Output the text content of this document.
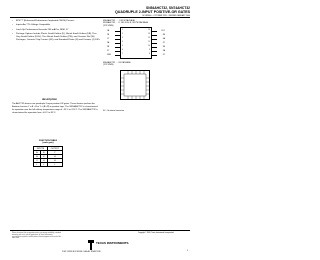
SN54AHCT32, SN74AHCT32
QUADRUPLE 2-INPUT POSITIVE-OR GATES
SCLS260G – OCTOBER 1995 – REVISED JANUARY 2000
• EPIC™ (Enhanced-Performance Implanted CMOS) Process
• Inputs Are TTL-Voltage Compatible
• Latch-Up Performance Exceeds 250 mA Per JESD 17
• Package Options Include Plastic Small-Outline (D), Shrink Small-Outline (DB), Thin Very Small-Outline (DGV), Thin Shrink Small-Outline (PW), and Ceramic Flat (W) Packages, Ceramic Chip Carriers (FK), and Standard Plastic (N) and Ceramic (J) DIPs
SN54AHCT32 . . . J OR W PACKAGE
SN74AHCT32 . . . D, DB, DGV, N, OR PW PACKAGE
(TOP VIEW)
1A	1
1B	2
1Y	3
2A	4
2B	5
2Y	6
GND	7
VCC
14
4B
13
4A
12
4Y
11
3B
10
3A
9
3Y
8
SN54AHCT32 . . . FK PACKAGE
(TOP VIEW)
NC – No internal connection
description
The AHCT32 devices are quadruple 2-input positive-OR gates. These devices perform the Boolean function Y = A + B or Y = (A̅ • B̅) in positive logic. The SN54AHCT32 is characterized for operation over the full military temperature range of –55°C to 125°C. The SN74AHCT32 is characterized for operation from –40°C to 85°C.
FUNCTION TABLE
(each gate)
INPUTS		OUTPUT
A	B	Y
H	X	H
X	H	H
L	L	L
Please be aware that an important notice concerning availability, standard warranty, and use in critical applications of Texas Instruments semiconductor products and disclaimers thereto appears at the end of this data sheet.
TEXAS INSTRUMENTS
Copyright © 2000, Texas Instruments Incorporated
POST OFFICE BOX 655303 • DALLAS, TEXAS 75265
1
